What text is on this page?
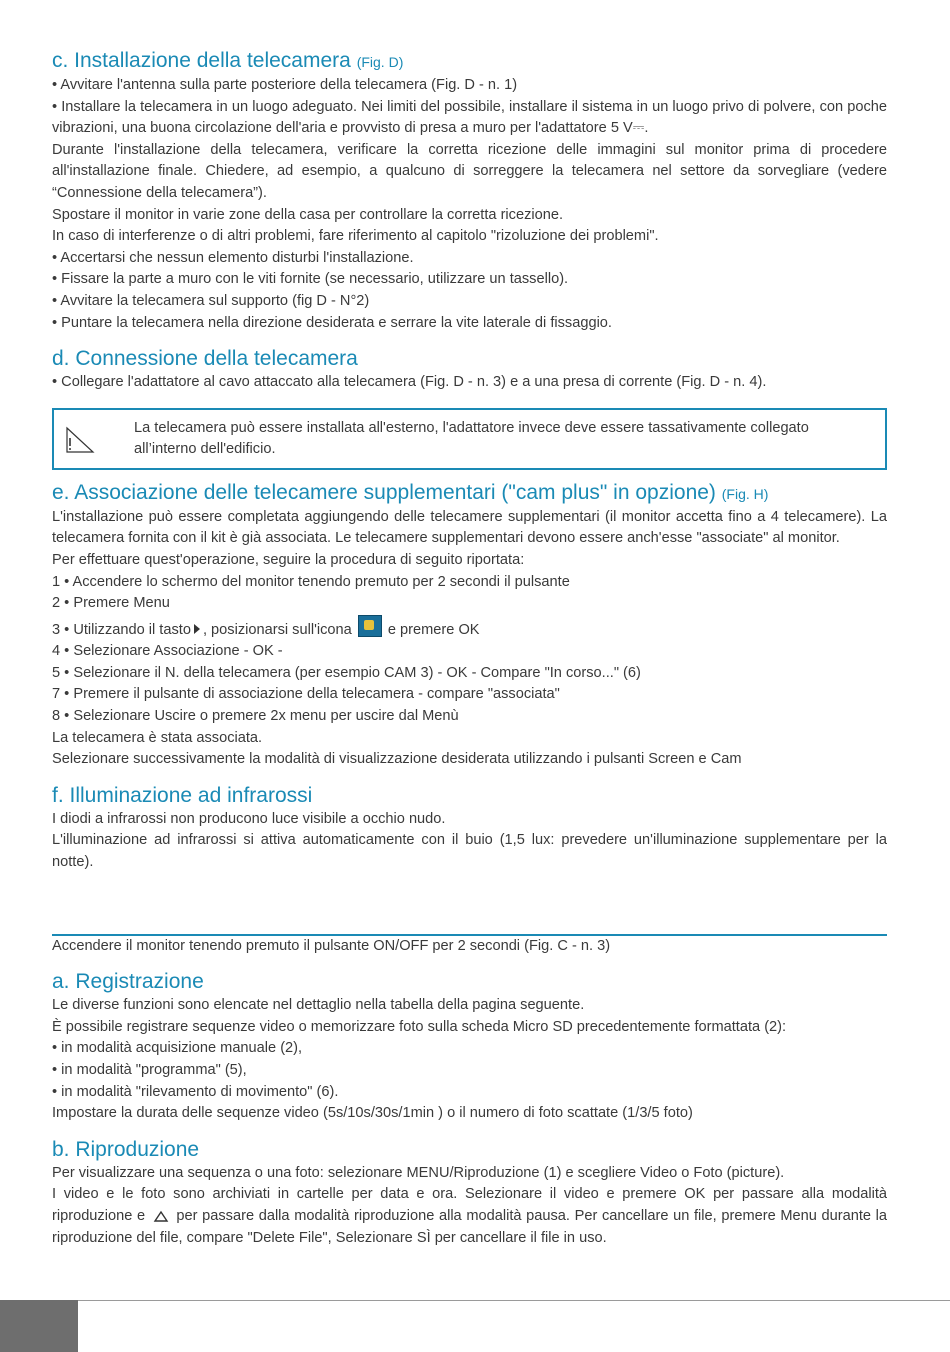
c. Installazione della telecamera (Fig. D)

• Avvitare l'antenna sulla parte posteriore della telecamera (Fig. D - n. 1)

• Installare la telecamera in un luogo adeguato. Nei limiti del possibile, installare il sistema in un luogo privo di polvere, con poche vibrazioni, una buona circolazione dell'aria e provvisto di presa a muro per l'adattatore 5 V⎓.

Durante l'installazione della telecamera, verificare la corretta ricezione delle immagini sul monitor prima di procedere all'installazione finale. Chiedere, ad esempio, a qualcuno di sorreggere la telecamera nel settore da sorvegliare (vedere “Connessione della telecamera”).

Spostare il monitor in varie zone della casa per controllare la corretta ricezione.

In caso di interferenze o di altri problemi, fare riferimento al capitolo "rizoluzione dei problemi".

• Accertarsi che nessun elemento disturbi l'installazione.

• Fissare la parte a muro con le viti fornite (se necessario, utilizzare un tassello).

• Avvitare la telecamera sul supporto (fig D - N°2)

• Puntare la telecamera nella direzione desiderata e serrare la vite laterale di fissaggio.

d. Connessione della telecamera

• Collegare l'adattatore al cavo attaccato alla telecamera (Fig. D - n. 3) e a una presa di corrente (Fig. D - n. 4).

La telecamera può essere installata all'esterno, l'adattatore invece deve essere tassativamente collegato all’interno dell'edificio.
e. Associazione delle telecamere supplementari ("cam plus" in opzione) (Fig. H)

L'installazione può essere completata aggiungendo delle telecamere supplementari (il monitor accetta fino a 4 telecamere). La telecamera fornita con il kit è già associata. Le telecamere supplementari devono essere anch'esse "associate" al monitor.

Per effettuare quest'operazione, seguire la procedura di seguito riportata:

1 • Accendere lo schermo del monitor tenendo premuto per 2 secondi il pulsante

2 • Premere Menu

3 • Utilizzando il tasto , posizionarsi sull'icona e premere OK

4 • Selezionare Associazione - OK -

5 • Selezionare il N. della telecamera (per esempio CAM 3) - OK - Compare "In corso..." (6)

7 • Premere il pulsante di associazione della telecamera - compare "associata"

8 • Selezionare Uscire o premere 2x menu per uscire dal Menù

La telecamera è stata associata.

Selezionare successivamente la modalità di visualizzazione desiderata utilizzando i pulsanti Screen e Cam

f. Illuminazione ad infrarossi

I diodi a infrarossi non producono luce visibile a occhio nudo.

L'illuminazione ad infrarossi si attiva automaticamente con il buio (1,5 lux: prevedere un'illuminazione supplementare per la notte).

Accendere il monitor tenendo premuto il pulsante ON/OFF per 2 secondi (Fig. C - n. 3)

a. Registrazione

Le diverse funzioni sono elencate nel dettaglio nella tabella della pagina seguente.

È possibile registrare sequenze video o memorizzare foto sulla scheda Micro SD precedentemente formattata (2):

• in modalità acquisizione manuale (2),

• in modalità "programma" (5),

• in modalità "rilevamento di movimento" (6).

Impostare la durata delle sequenze video (5s/10s/30s/1min ) o il numero di foto scattate (1/3/5 foto)

b. Riproduzione

Per visualizzare una sequenza o una foto: selezionare MENU/Riproduzione (1) e scegliere Video o Foto (picture).

I video e le foto sono archiviati in cartelle per data e ora. Selezionare il video e premere OK per passare alla modalità riproduzione e per passare dalla modalità riproduzione alla modalità pausa. Per cancellare un file, premere Menu durante la riproduzione del file, compare "Delete File", Selezionare SÌ per cancellare il file in uso.
